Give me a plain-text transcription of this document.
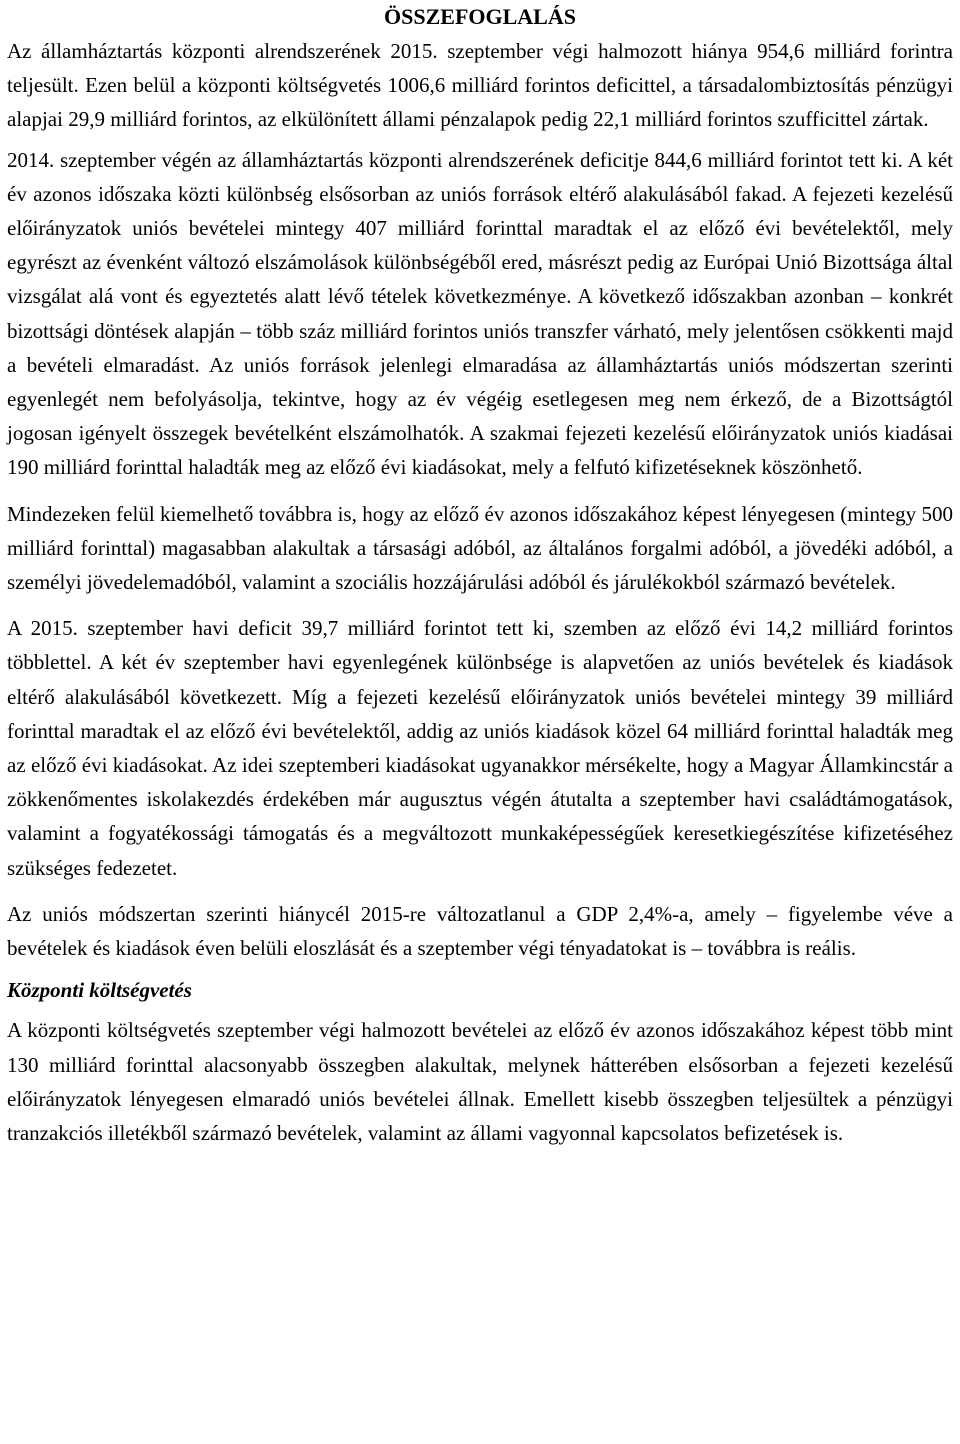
ÖSSZEFOGLALÁS

Az államháztartás központi alrendszerének 2015. szeptember végi halmozott hiánya 954,6 milliárd forintra teljesült. Ezen belül a központi költségvetés 1006,6 milliárd forintos deficittel, a társadalombiztosítás pénzügyi alapjai 29,9 milliárd forintos, az elkülönített állami pénzalapok pedig 22,1 milliárd forintos szufficittel zártak.

2014. szeptember végén az államháztartás központi alrendszerének deficitje 844,6 milliárd forintot tett ki. A két év azonos időszaka közti különbség elsősorban az uniós források eltérő alakulásából fakad. A fejezeti kezelésű előirányzatok uniós bevételei mintegy 407 milliárd forinttal maradtak el az előző évi bevételektől, mely egyrészt az évenként változó elszámolások különbségéből ered, másrészt pedig az Európai Unió Bizottsága által vizsgálat alá vont és egyeztetés alatt lévő tételek következménye. A következő időszakban azonban – konkrét bizottsági döntések alapján – több száz milliárd forintos uniós transzfer várható, mely jelentősen csökkenti majd a bevételi elmaradást. Az uniós források jelenlegi elmaradása az államháztartás uniós módszertan szerinti egyenlegét nem befolyásolja, tekintve, hogy az év végéig esetlegesen meg nem érkező, de a Bizottságtól jogosan igényelt összegek bevételként elszámolhatók. A szakmai fejezeti kezelésű előirányzatok uniós kiadásai 190 milliárd forinttal haladták meg az előző évi kiadásokat, mely a felfutó kifizetéseknek köszönhető.

Mindezeken felül kiemelhető továbbra is, hogy az előző év azonos időszakához képest lényegesen (mintegy 500 milliárd forinttal) magasabban alakultak a társasági adóból, az általános forgalmi adóból, a jövedéki adóból, a személyi jövedelemadóból, valamint a szociális hozzájárulási adóból és járulékokból származó bevételek.

A 2015. szeptember havi deficit 39,7 milliárd forintot tett ki, szemben az előző évi 14,2 milliárd forintos többlettel. A két év szeptember havi egyenlegének különbsége is alapvetően az uniós bevételek és kiadások eltérő alakulásából következett. Míg a fejezeti kezelésű előirányzatok uniós bevételei mintegy 39 milliárd forinttal maradtak el az előző évi bevételektől, addig az uniós kiadások közel 64 milliárd forinttal haladták meg az előző évi kiadásokat. Az idei szeptemberi kiadásokat ugyanakkor mérsékelte, hogy a Magyar Államkincstár a zökkenőmentes iskolakezdés érdekében már augusztus végén átutalta a szeptember havi családtámogatások, valamint a fogyatékossági támogatás és a megváltozott munkaképességűek keresetkiegészítése kifizetéséhez szükséges fedezetet.

Az uniós módszertan szerinti hiánycél 2015-re változatlanul a GDP 2,4%-a, amely – figyelembe véve a bevételek és kiadások éven belüli eloszlását és a szeptember végi tényadatokat is – továbbra is reális.

Központi költségvetés

A központi költségvetés szeptember végi halmozott bevételei az előző év azonos időszakához képest több mint 130 milliárd forinttal alacsonyabb összegben alakultak, melynek hátterében elsősorban a fejezeti kezelésű előirányzatok lényegesen elmaradó uniós bevételei állnak. Emellett kisebb összegben teljesültek a pénzügyi tranzakciós illetékből származó bevételek, valamint az állami vagyonnal kapcsolatos befizetések is.
